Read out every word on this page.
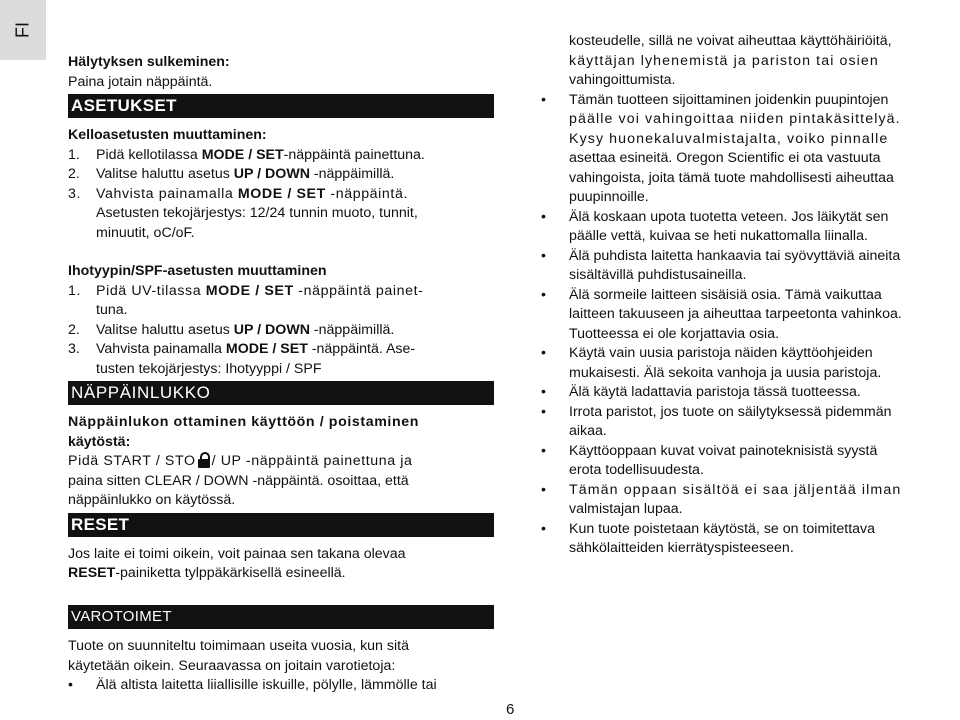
FI
Hälytyksen sulkeminen:
Paina jotain näppäintä.
ASETUKSET
Kelloasetusten muuttaminen:
1. Pidä kellotilassa MODE / SET-näppäintä painettuna.
2. Valitse haluttu asetus UP / DOWN -näppäimillä.
3. Vahvista painamalla MODE / SET -näppäintä.
Asetusten tekojärjestys: 12/24 tunnin muoto, tunnit,
minuutit, oC/oF.
Ihotyypin/SPF-asetusten muuttaminen
1. Pidä UV-tilassa MODE / SET -näppäintä painet-
tuna.
2. Valitse haluttu asetus UP / DOWN -näppäimillä.
3. Vahvista painamalla MODE / SET -näppäintä. Ase-
tusten tekojärjestys: Ihotyyppi / SPF
NÄPPÄINLUKKO
Näppäinlukon ottaminen käyttöön / poistaminen
käytöstä:
Pidä START / STO / UP -näppäintä painettuna ja
paina sitten CLEAR / DOWN -näppäintä. osoittaa, että
näppäinlukko on käytössä.
RESET
Jos laite ei toimi oikein, voit painaa sen takana olevaa
RESET-painiketta tylppäkärkisellä esineellä.
VAROTOIMET
Tuote on suunniteltu toimimaan useita vuosia, kun sitä
käytetään oikein. Seuraavassa on joitain varotietoja:
• Älä altista laitetta liiallisille iskuille, pölylle, lämmölle tai
kosteudelle, sillä ne voivat aiheuttaa käyttöhäiriöitä,
käyttäjan lyhenemistä ja pariston tai osien
vahingoittumista.
• Tämän tuotteen sijoittaminen joidenkin puupintojen
päälle voi vahingoittaa niiden pintakäsittelyä.
Kysy huonekaluvalmistajalta, voiko pinnalle
asettaa esineitä. Oregon Scientific ei ota vastuuta
vahingoista, joita tämä tuote mahdollisesti aiheuttaa
puupinnoille.
• Älä koskaan upota tuotetta veteen. Jos läikytät sen
päälle vettä, kuivaa se heti nukattomalla liinalla.
• Älä puhdista laitetta hankaavia tai syövyttäviä aineita
sisältävillä puhdistusaineilla.
• Älä sormeile laitteen sisäisiä osia. Tämä vaikuttaa
laitteen takuuseen ja aiheuttaa tarpeetonta vahinkoa.
Tuotteessa ei ole korjattavia osia.
• Käytä vain uusia paristoja näiden käyttöohjeiden
mukaisesti. Älä sekoita vanhoja ja uusia paristoja.
• Älä käytä ladattavia paristoja tässä tuotteessa.
• Irrota paristot, jos tuote on säilytyksessä pidemmän
aikaa.
• Käyttöoppaan kuvat voivat painoteknisistä syystä
erota todellisuudesta.
• Tämän oppaan sisältöä ei saa jäljentää ilman
valmistajan lupaa.
• Kun tuote poistetaan käytöstä, se on toimitettava
sähkölaitteiden kierrätyspisteeseen.
6
